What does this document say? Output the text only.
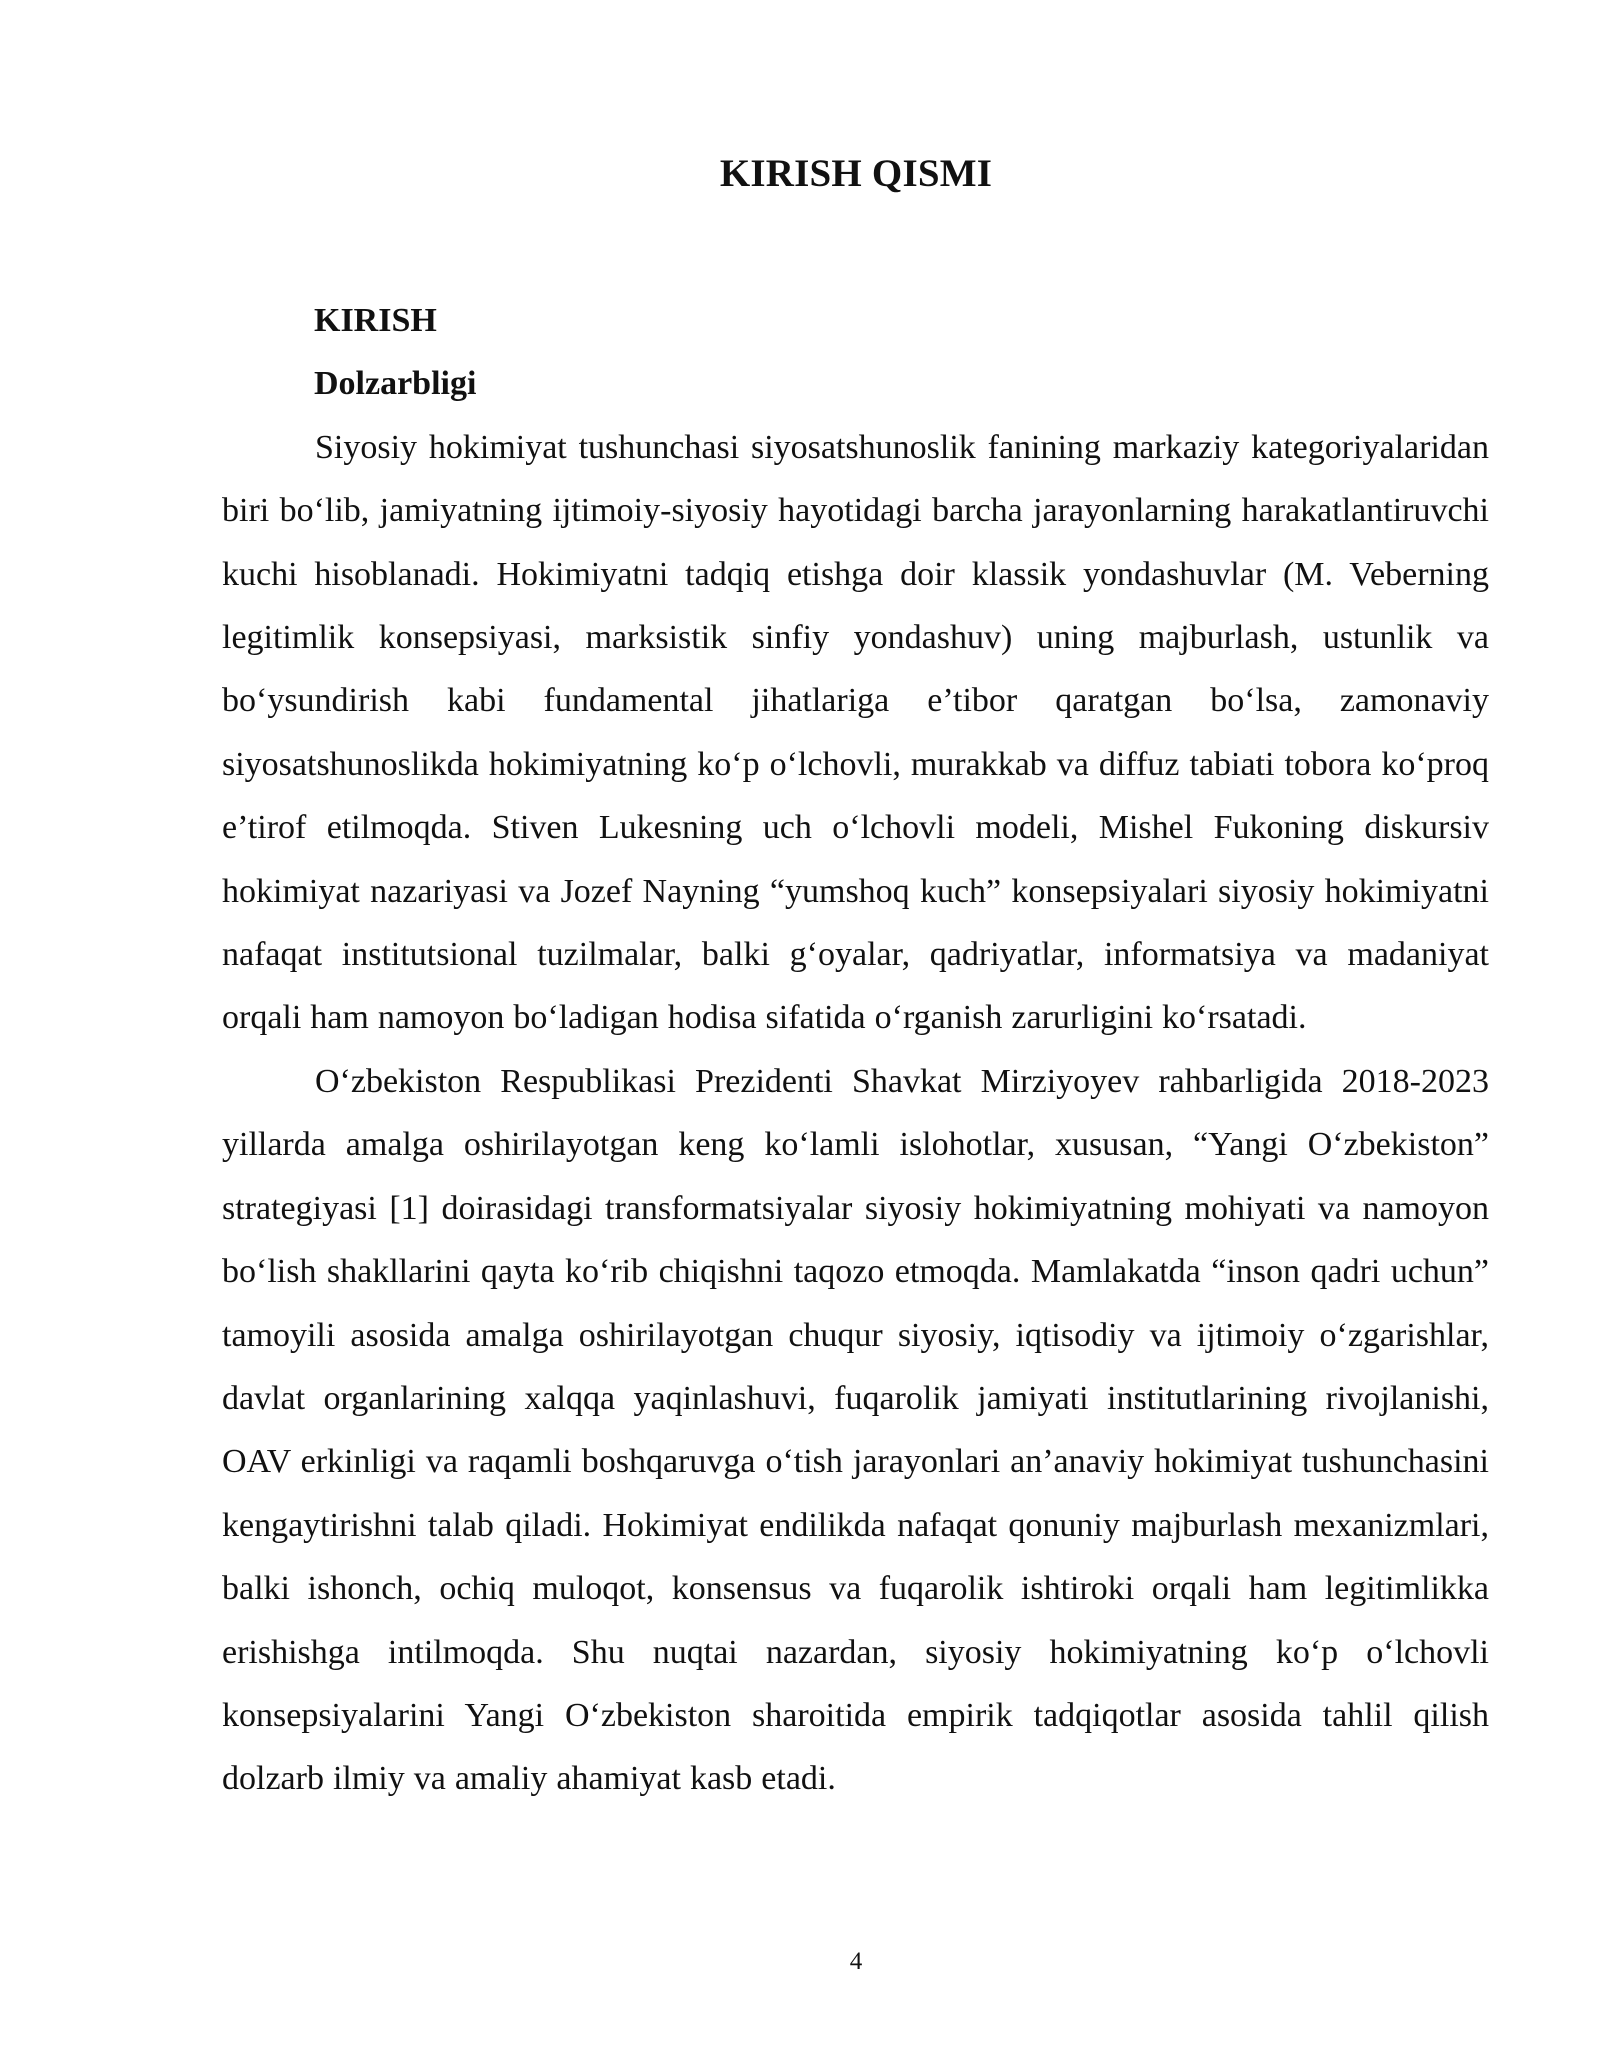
KIRISH QISMI
KIRISH
Dolzarbligi

Siyosiy hokimiyat tushunchasi siyosatshunoslik fanining markaziy kategoriyalaridan biri bo‘lib, jamiyatning ijtimoiy-siyosiy hayotidagi barcha jarayonlarning harakatlantiruvchi kuchi hisoblanadi. Hokimiyatni tadqiq etishga doir klassik yondashuvlar (M. Veberning legitimlik konsepsiyasi, marksistik sinfiy yondashuv) uning majburlash, ustunlik va bo‘ysundirish kabi fundamental jihatlariga e’tibor qaratgan bo‘lsa, zamonaviy siyosatshunoslikda hokimiyatning ko‘p o‘lchovli, murakkab va diffuz tabiati tobora ko‘proq e’tirof etilmoqda. Stiven Lukesning uch o‘lchovli modeli, Mishel Fukoning diskursiv hokimiyat nazariyasi va Jozef Nayning “yumshoq kuch” konsepsiyalari siyosiy hokimiyatni nafaqat institutsional tuzilmalar, balki g‘oyalar, qadriyatlar, informatsiya va madaniyat orqali ham namoyon bo‘ladigan hodisa sifatida o‘rganish zarurligini ko‘rsatadi.

O‘zbekiston Respublikasi Prezidenti Shavkat Mirziyoyev rahbarligida 2018-2023 yillarda amalga oshirilayotgan keng ko‘lamli islohotlar, xususan, “Yangi O‘zbekiston” strategiyasi [1] doirasidagi transformatsiyalar siyosiy hokimiyatning mohiyati va namoyon bo‘lish shakllarini qayta ko‘rib chiqishni taqozo etmoqda. Mamlakatda “inson qadri uchun” tamoyili asosida amalga oshirilayotgan chuqur siyosiy, iqtisodiy va ijtimoiy o‘zgarishlar, davlat organlarining xalqqa yaqinlashuvi, fuqarolik jamiyati institutlarining rivojlanishi, OAV erkinligi va raqamli boshqaruvga o‘tish jarayonlari an’anaviy hokimiyat tushunchasini kengaytirishni talab qiladi. Hokimiyat endilikda nafaqat qonuniy majburlash mexanizmlari, balki ishonch, ochiq muloqot, konsensus va fuqarolik ishtiroki orqali ham legitimlikka erishishga intilmoqda. Shu nuqtai nazardan, siyosiy hokimiyatning ko‘p o‘lchovli konsepsiyalarini Yangi O‘zbekiston sharoitida empirik tadqiqotlar asosida tahlil qilish dolzarb ilmiy va amaliy ahamiyat kasb etadi.

4
